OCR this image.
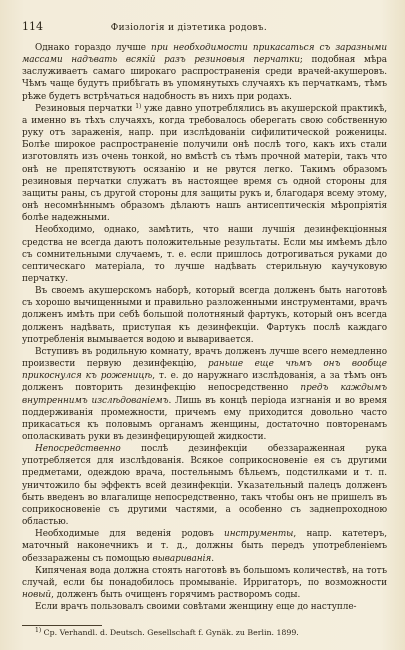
114	Физіологія и діэтетика родовъ.

Однако гораздо лучше при необходимости прикасаться съ заразными массами надъвать всякій разъ резиновыя перчатки; подобная мѣра заслуживаетъ самаго широкаго распространенія среди врачей-акушеровъ. Чѣмъ чаще будутъ прибѣгать въ упомянутыхъ случаяхъ къ перчаткамъ, тѣмъ рѣже будетъ встрѣчаться надобность въ нихъ при родахъ.

Резиновыя перчатки $^{1)}$ уже давно употреблялись въ акушерской практикѣ, а именно въ тѣхъ случаяхъ, когда требовалось оберегать свою собственную руку отъ зараженія, напр. при изслѣдованіи сифилитической роженицы. Болѣе широкое распространеніе получили онѣ послѣ того, какъ ихъ стали изготовлять изъ очень тонкой, но вмѣстѣ съ тѣмъ прочной матеріи, такъ что онѣ не препятствуютъ осязанію и не рвутся легко. Такимъ образомъ резиновыя перчатки служатъ въ настоящее время съ одной стороны для защиты раны, съ другой стороны для защиты рукъ и, благодаря всему этому, онѣ несомнѣннымъ образомъ дѣлаютъ нашъ антисептическія мѣропріятія болѣе надежными.

Необходимо, однако, замѣтить, что наши лучшія дезинфекціонныя средства не всегда даютъ положительные результаты. Если мы имѣемъ дѣло съ сомнительными случаемъ, т. е. если пришлось дотрогиваться руками до септическаго матеріала, то лучше надѣвать стерильную каучуковую перчатку.

Въ своемъ акушерскомъ наборѣ, который всегда долженъ быть наготовѣ съ хорошо вычищенными и правильно разложенными инструментами, врачъ долженъ имѣть при себѣ большой полотняный фартукъ, который онъ всегда долженъ надѣвать, приступая къ дезинфекціи. Фартукъ послѣ каждаго употребленія вымывается водою и вываривается.

Вступивъ въ родильную комнату, врачъ долженъ лучше всего немедленно произвести первую дезинфекцію, раньше еще чѣмъ онъ вообще прикоснулся къ роженицѣ, т. е. до наружнаго изслѣдованія, а за тѣмъ онъ долженъ повторить дезинфекцію непосредственно предъ каждымъ внутреннимъ изслѣдованіемъ. Лишь въ концѣ періода изгнанія и во время поддерживанія промежности, причемъ ему приходится довольно часто прикасаться къ половымъ органамъ женщины, достаточно повторенамъ ополаскивать руки въ дезинфецирующей жидкости.

Непосредственно послѣ дезинфекціи обеззараженная рука употребляется для изслѣдованія. Всякое соприкосновеніе ея съ другими предметами, одеждою врача, постельнымъ бѣльемъ, подстилками и т. п. уничтожило бы эффектъ всей дезинфекціи. Указательный палецъ долженъ быть введенъ во влагалище непосредственно, такъ чтобы онъ не пришелъ въ соприкосновеніе съ другими частями, а особенно съ заднепроходною областью.

Необходимые для веденія родовъ инструменты, напр. катетеръ, маточный наконечникъ и т. д., должны быть передъ употребленіемъ обеззаражены съ помощью вывариванія.

Кипяченая вода должна стоять наготовѣ въ большомъ количествѣ, на тотъ случай, если бы понадобилось промываніе. Ирригаторъ, по возможности новый, долженъ быть очищенъ горячимъ растворомъ соды.

Если врачъ пользовалъ своими совѣтами женщину еще до наступле-

$^{1)}$ Cp. Verhandl. d. Deutsch. Gesellschaft f. Gynäk. zu Berlin. 1899.
